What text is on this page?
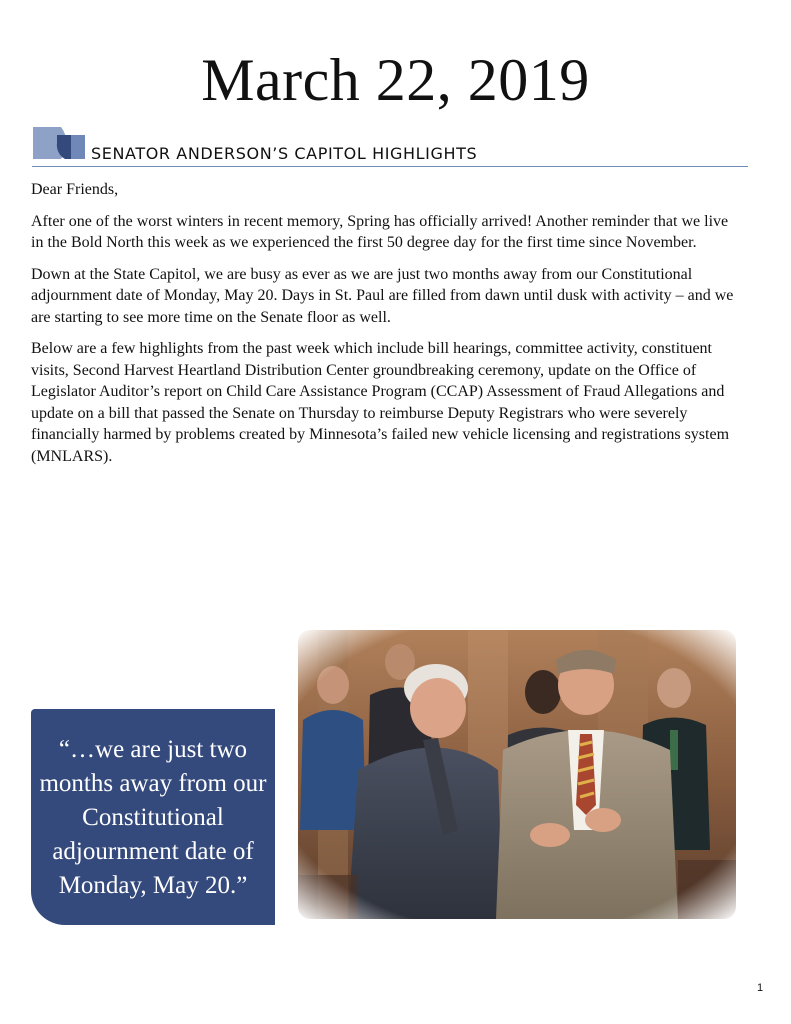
March 22, 2019
SENATOR ANDERSON’S CAPITOL HIGHLIGHTS

Dear Friends,

After one of the worst winters in recent memory, Spring has officially arrived! Another reminder that we live in the Bold North this week as we experienced the first 50 degree day for the first time since November.

Down at the State Capitol, we are busy as ever as we are just two months away from our Constitutional adjournment date of Monday, May 20. Days in St. Paul are filled from dawn until dusk with activity – and we are starting to see more time on the Senate floor as well.

Below are a few highlights from the past week which include bill hearings, committee activity, constituent visits, Second Harvest Heartland Distribution Center groundbreaking ceremony, update on the Office of Legislator Auditor’s report on Child Care Assistance Program (CCAP) Assessment of Fraud Allegations and update on a bill that passed the Senate on Thursday to reimburse Deputy Registrars who were severely financially harmed by problems created by Minnesota’s failed new vehicle licensing and registrations system (MNLARS).

“…we are just two months away from our Constitutional adjournment date of Monday, May 20.”
1
